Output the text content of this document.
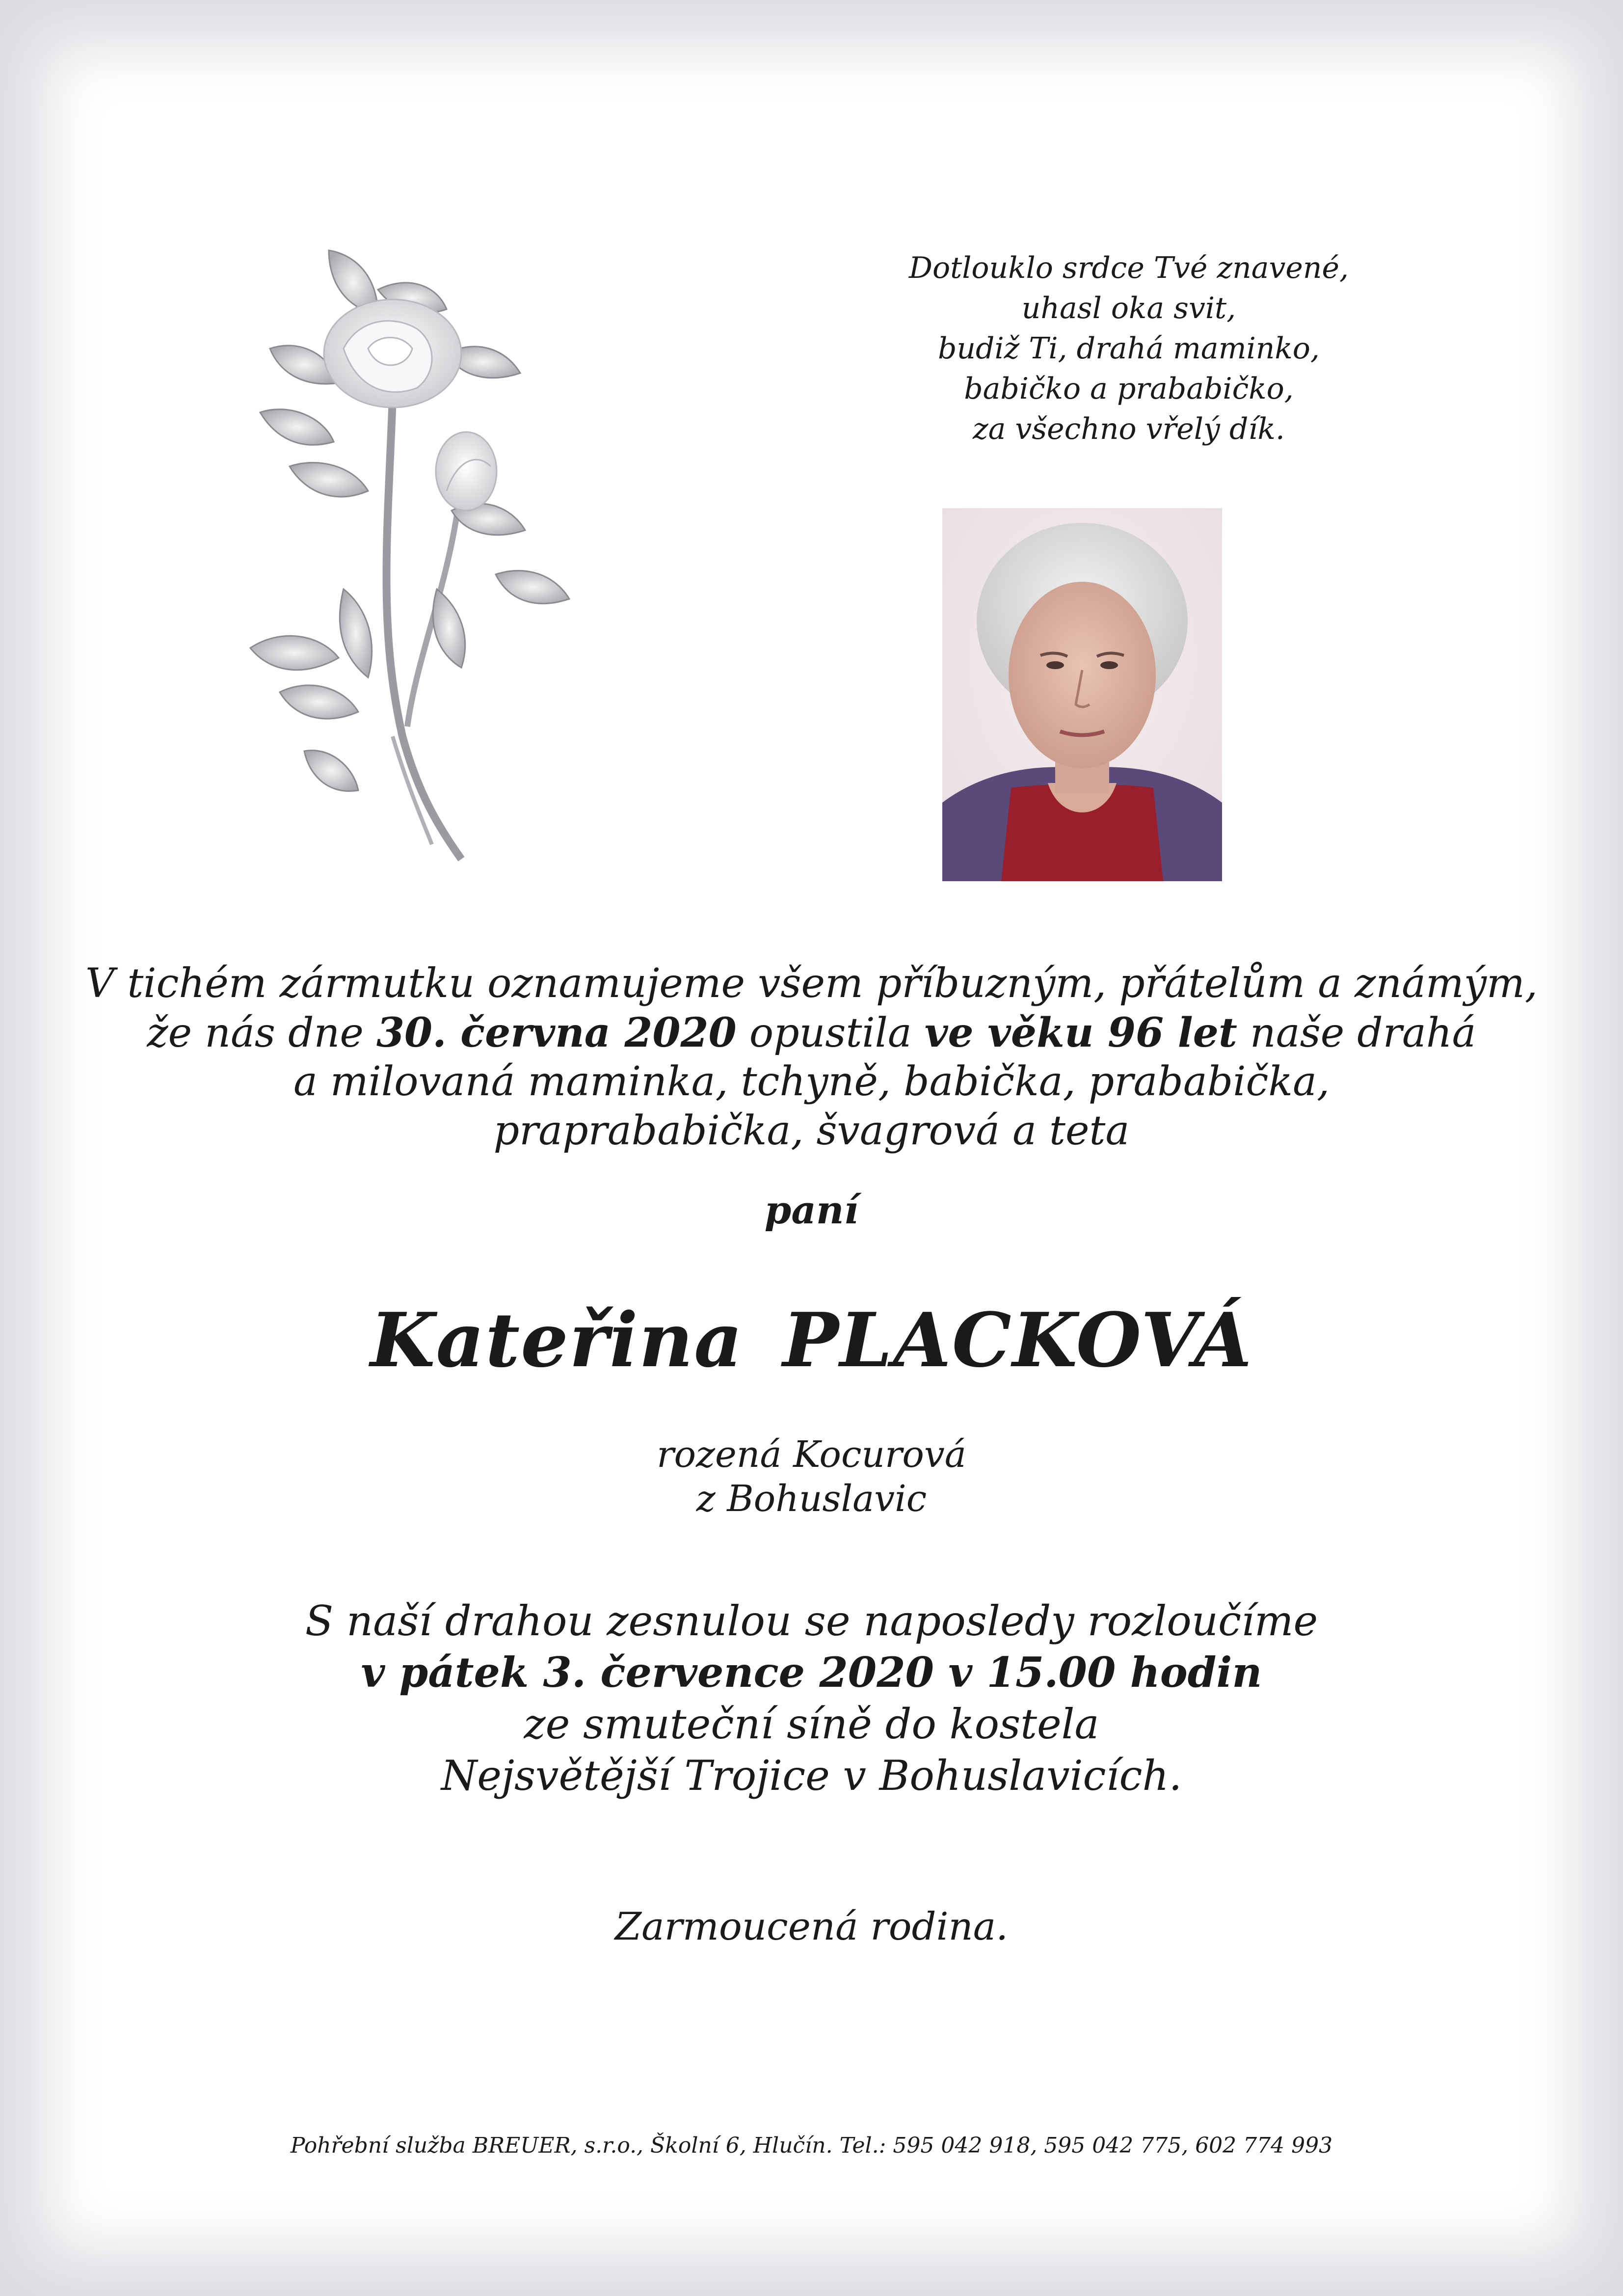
Dotlouklo srdce Tvé znavené,
uhasl oka svit,
budiž Ti, drahá maminko,
babičko a prababičko,
za všechno vřelý dík.
V tichém zármutku oznamujeme všem příbuzným, přátelům a známým,
že nás dne 30. června 2020 opustila ve věku 96 let naše drahá
a milovaná maminka, tchyně, babička, prababička,
praprababička, švagrová a teta
paní
Kateřina PLACKOVÁ
rozená Kocurová
z Bohuslavic
S naší drahou zesnulou se naposledy rozloučíme
v pátek 3. července 2020 v 15.00 hodin
ze smuteční síně do kostela
Nejsvětější Trojice v Bohuslavicích.
Zarmoucená rodina.
Pohřební služba BREUER, s.r.o., Školní 6, Hlučín. Tel.: 595 042 918, 595 042 775, 602 774 993
